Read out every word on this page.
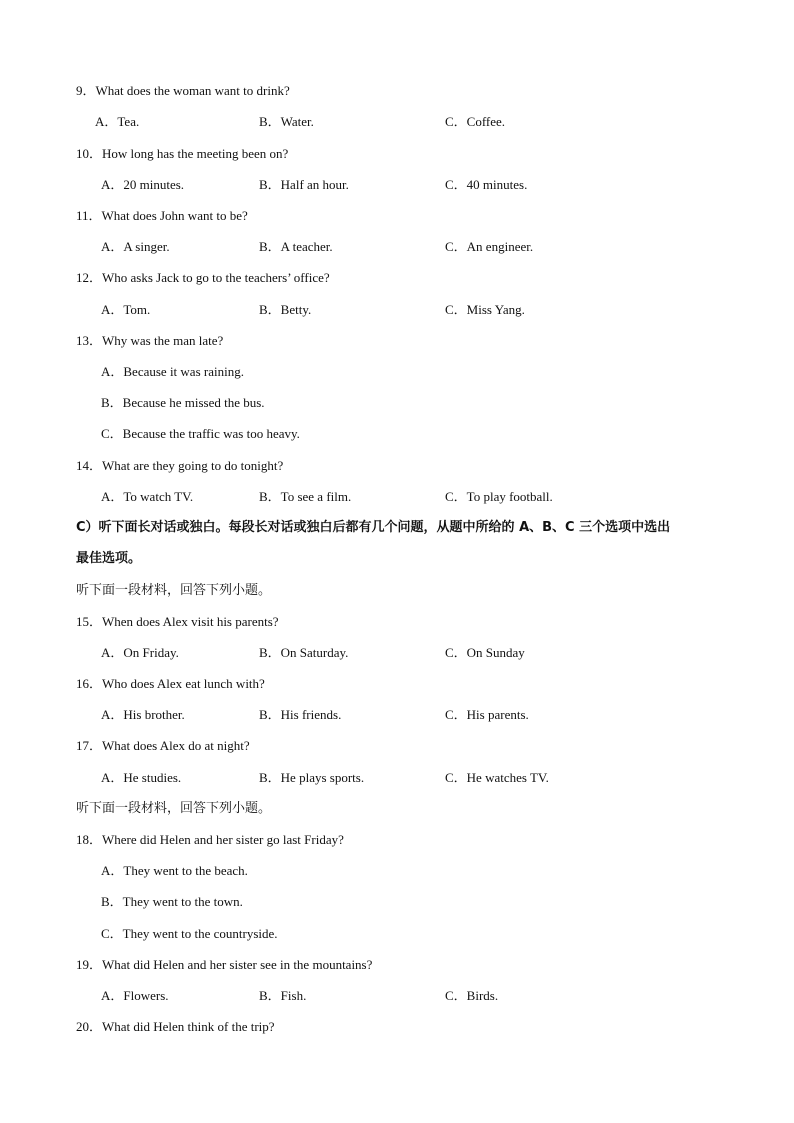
9．What does the woman want to drink?
A．Tea.	B．Water.	C．Coffee.
10．How long has the meeting been on?
A．20 minutes.	B．Half an hour.	C．40 minutes.
11．What does John want to be?
A．A singer.	B．A teacher.	C．An engineer.
12．Who asks Jack to go to the teachers’ office?
A．Tom.	B．Betty.	C．Miss Yang.
13．Why was the man late?
A．Because it was raining.
B．Because he missed the bus.
C．Because the traffic was too heavy.
14．What are they going to do tonight?
A．To watch TV.	B．To see a film.	C．To play football.
C）听下面长对话或独白。每段长对话或独白后都有几个问题，从题中所给的 A、B、C 三个选项中选出
最佳选项。
听下面一段材料，回答下列小题。
15．When does Alex visit his parents?
A．On Friday.	B．On Saturday.	C．On Sunday
16．Who does Alex eat lunch with?
A．His brother.	B．His friends.	C．His parents.
17．What does Alex do at night?
A．He studies.	B．He plays sports.	C．He watches TV.
听下面一段材料，回答下列小题。
18．Where did Helen and her sister go last Friday?
A．They went to the beach.
B．They went to the town.
C．They went to the countryside.
19．What did Helen and her sister see in the mountains?
A．Flowers.	B．Fish.	C．Birds.
20．What did Helen think of the trip?
